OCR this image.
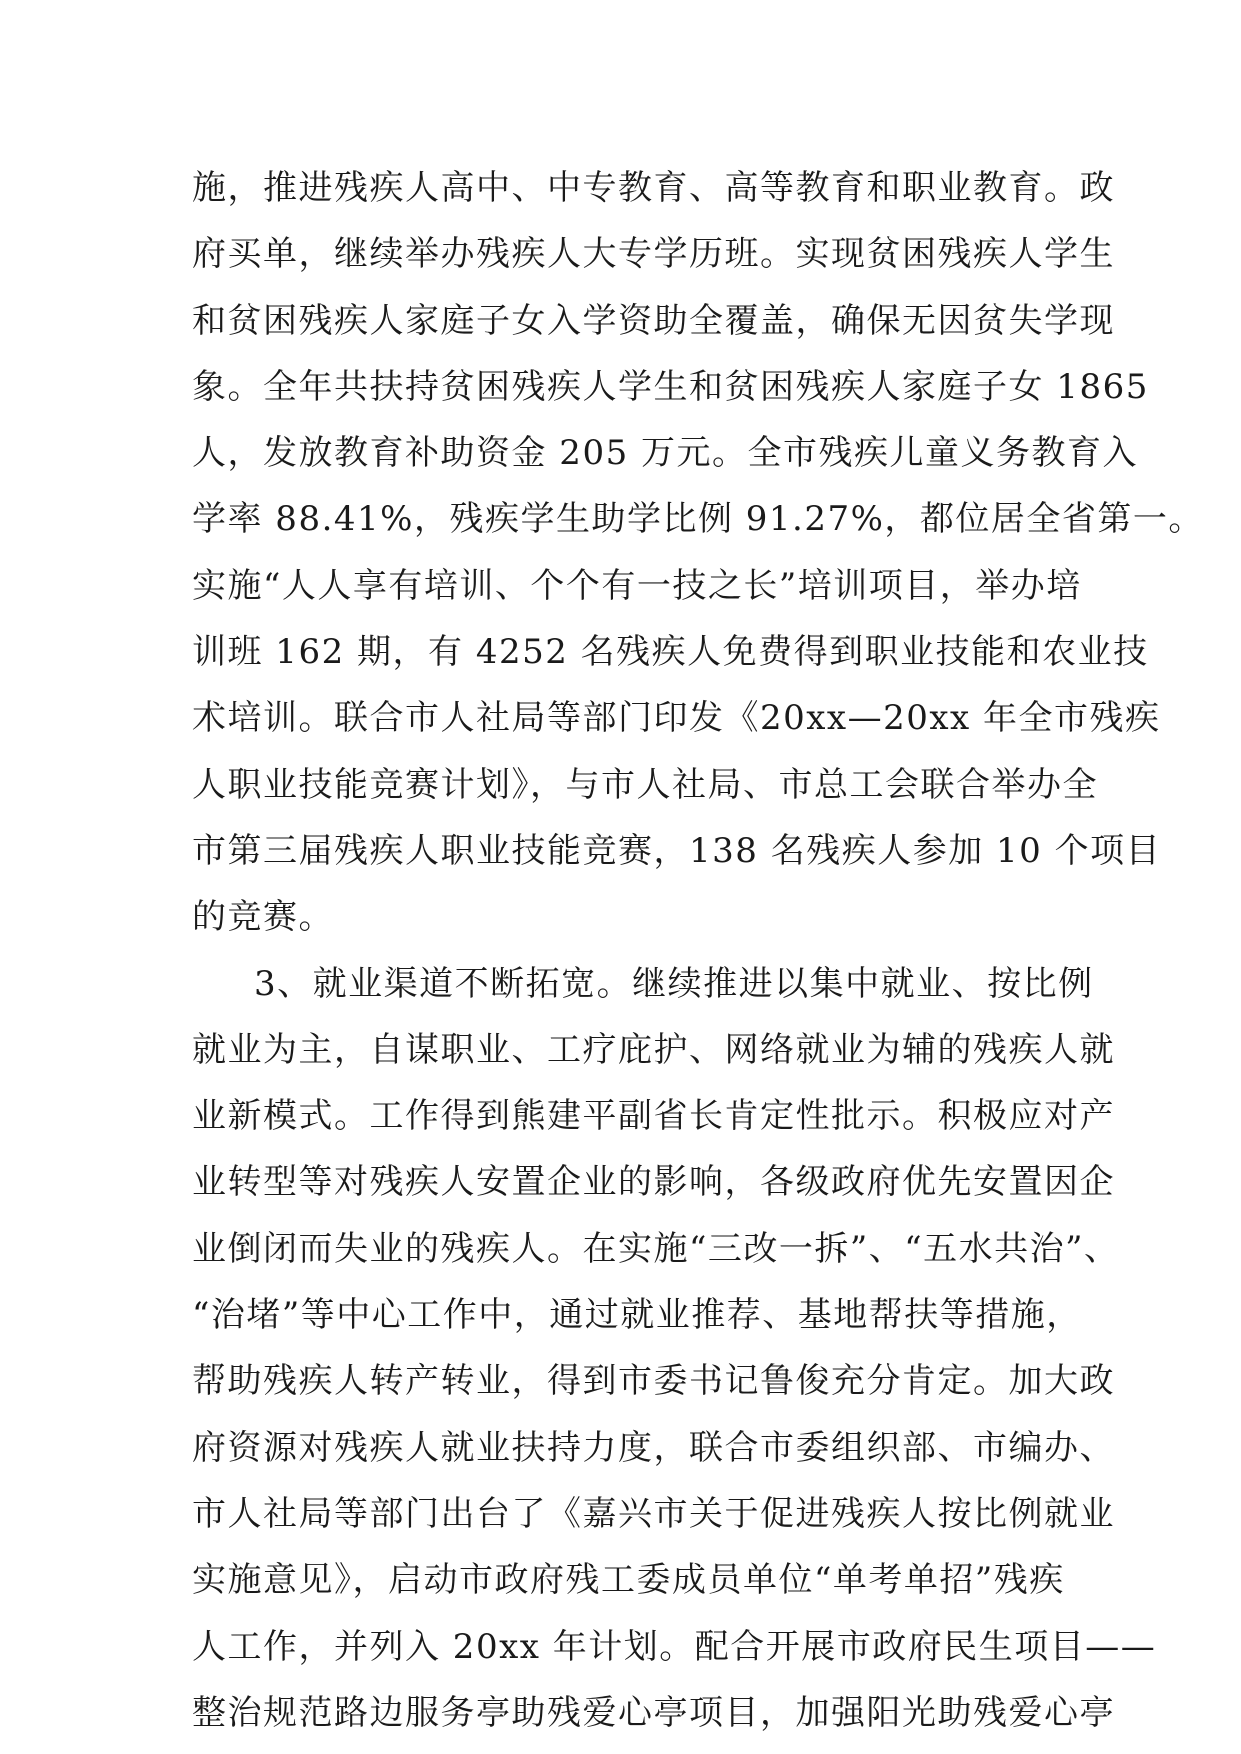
施，推进残疾人高中、中专教育、高等教育和职业教育。政
府买单，继续举办残疾人大专学历班。实现贫困残疾人学生
和贫困残疾人家庭子女入学资助全覆盖，确保无因贫失学现
象。全年共扶持贫困残疾人学生和贫困残疾人家庭子女 1865
人，发放教育补助资金 205 万元。全市残疾儿童义务教育入
学率 88.41%，残疾学生助学比例 91.27%，都位居全省第一。
实施“人人享有培训、个个有一技之长”培训项目，举办培
训班 162 期，有 4252 名残疾人免费得到职业技能和农业技
术培训。联合市人社局等部门印发《20xx—20xx 年全市残疾
人职业技能竞赛计划》，与市人社局、市总工会联合举办全
市第三届残疾人职业技能竞赛，138 名残疾人参加 10 个项目
的竞赛。
3、就业渠道不断拓宽。继续推进以集中就业、按比例
就业为主，自谋职业、工疗庇护、网络就业为辅的残疾人就
业新模式。工作得到熊建平副省长肯定性批示。积极应对产
业转型等对残疾人安置企业的影响，各级政府优先安置因企
业倒闭而失业的残疾人。在实施“三改一拆”、“五水共治”、
“治堵”等中心工作中，通过就业推荐、基地帮扶等措施，
帮助残疾人转产转业，得到市委书记鲁俊充分肯定。加大政
府资源对残疾人就业扶持力度，联合市委组织部、市编办、
市人社局等部门出台了《嘉兴市关于促进残疾人按比例就业
实施意见》，启动市政府残工委成员单位“单考单招”残疾
人工作，并列入 20xx 年计划。配合开展市政府民生项目——
整治规范路边服务亭助残爱心亭项目，加强阳光助残爱心亭
